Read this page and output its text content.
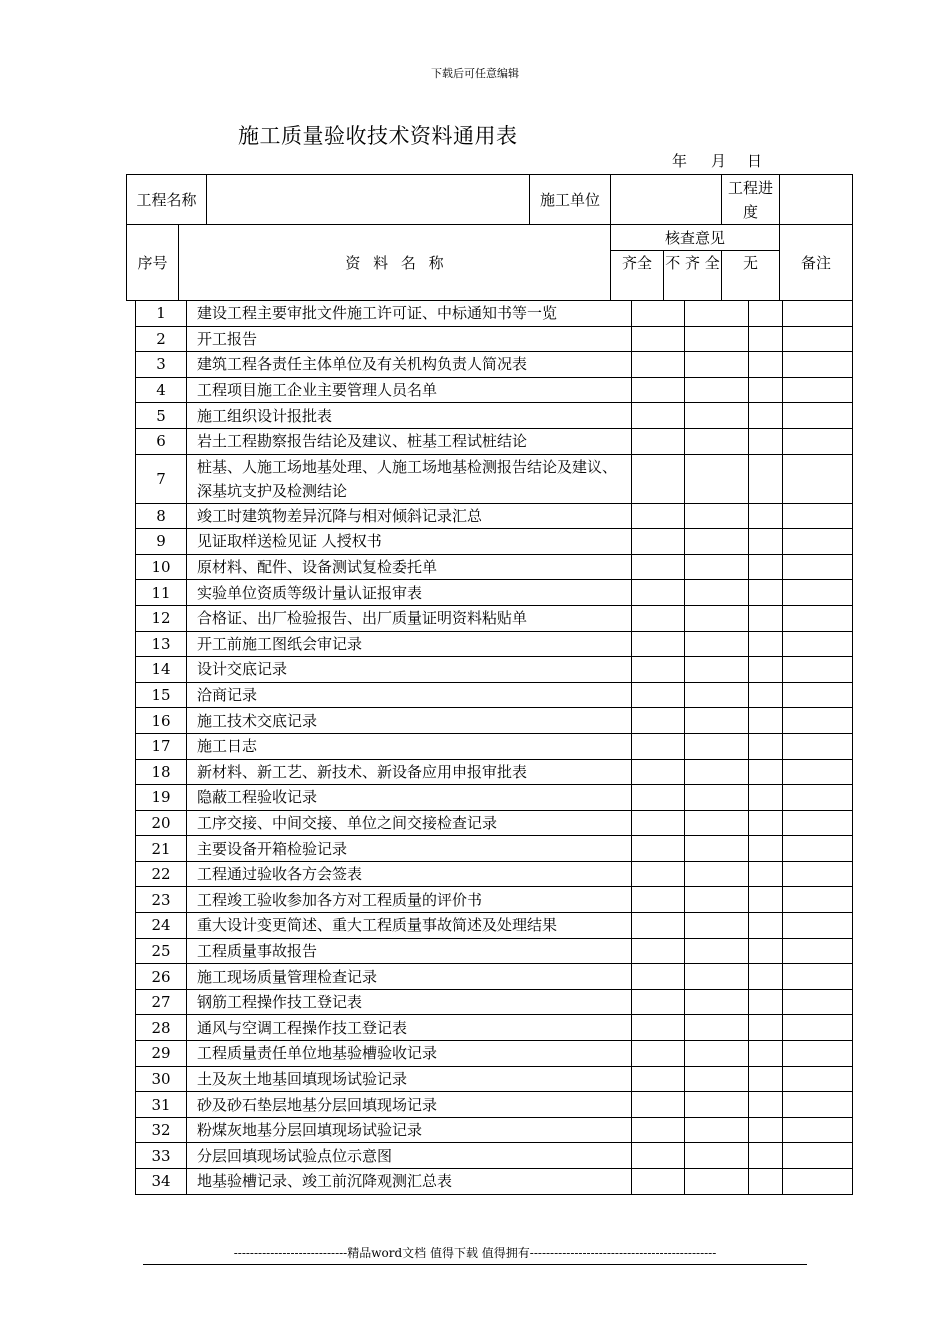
下载后可任意编辑
施工质量验收技术资料通用表
年 月 日
工程名称			施工单位			工程进度	
序号	资 料 名 称			核查意见			备注
				齐全	不 齐 全	无	
1	建设工程主要审批文件施工许可证、中标通知书等一览				
2	开工报告				
3	建筑工程各责任主体单位及有关机构负责人简况表				
4	工程项目施工企业主要管理人员名单				
5	施工组织设计报批表				
6	岩土工程勘察报告结论及建议、桩基工程试桩结论				
7	桩基、人施工场地基处理、人施工场地基检测报告结论及建议、深基坑支护及检测结论				
8	竣工时建筑物差异沉降与相对倾斜记录汇总				
9	见证取样送检见证 人授权书				
10	原材料、配件、设备测试复检委托单				
11	实验单位资质等级计量认证报审表				
12	合格证、出厂检验报告、出厂质量证明资料粘贴单				
13	开工前施工图纸会审记录				
14	设计交底记录				
15	洽商记录				
16	施工技术交底记录				
17	施工日志				
18	新材料、新工艺、新技术、新设备应用申报审批表				
19	隐蔽工程验收记录				
20	工序交接、中间交接、单位之间交接检查记录				
21	主要设备开箱检验记录				
22	工程通过验收各方会签表				
23	工程竣工验收参加各方对工程质量的评价书				
24	重大设计变更简述、重大工程质量事故简述及处理结果				
25	工程质量事故报告				
26	施工现场质量管理检查记录				
27	钢筋工程操作技工登记表				
28	通风与空调工程操作技工登记表				
29	工程质量责任单位地基验槽验收记录				
30	土及灰土地基回填现场试验记录				
31	砂及砂石垫层地基分层回填现场记录				
32	粉煤灰地基分层回填现场试验记录				
33	分层回填现场试验点位示意图				
34	地基验槽记录、竣工前沉降观测汇总表				
----------------------------精品word文档 值得下载 值得拥有----------------------------------------------
